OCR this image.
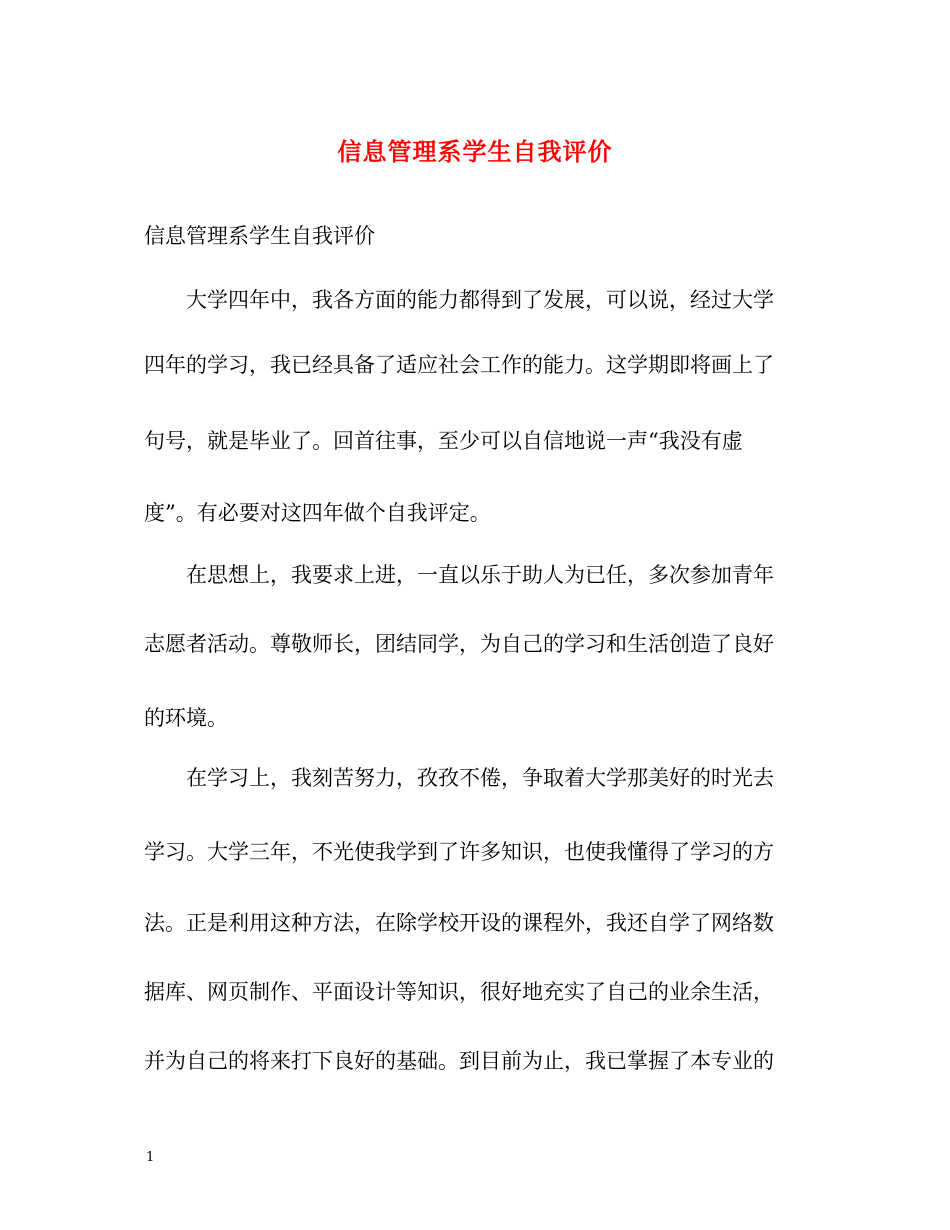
信息管理系学生自我评价
信息管理系学生自我评价
大学四年中，我各方面的能力都得到了发展，可以说，经过大学
四年的学习，我已经具备了适应社会工作的能力。这学期即将画上了
句号，就是毕业了。回首往事，至少可以自信地说一声“我没有虚
度”。有必要对这四年做个自我评定。
在思想上，我要求上进，一直以乐于助人为已任，多次参加青年
志愿者活动。尊敬师长，团结同学，为自己的学习和生活创造了良好
的环境。
在学习上，我刻苦努力，孜孜不倦，争取着大学那美好的时光去
学习。大学三年，不光使我学到了许多知识，也使我懂得了学习的方
法。正是利用这种方法，在除学校开设的课程外，我还自学了网络数
据库、网页制作、平面设计等知识，很好地充实了自己的业余生活，
并为自己的将来打下良好的基础。到目前为止，我已掌握了本专业的
1
